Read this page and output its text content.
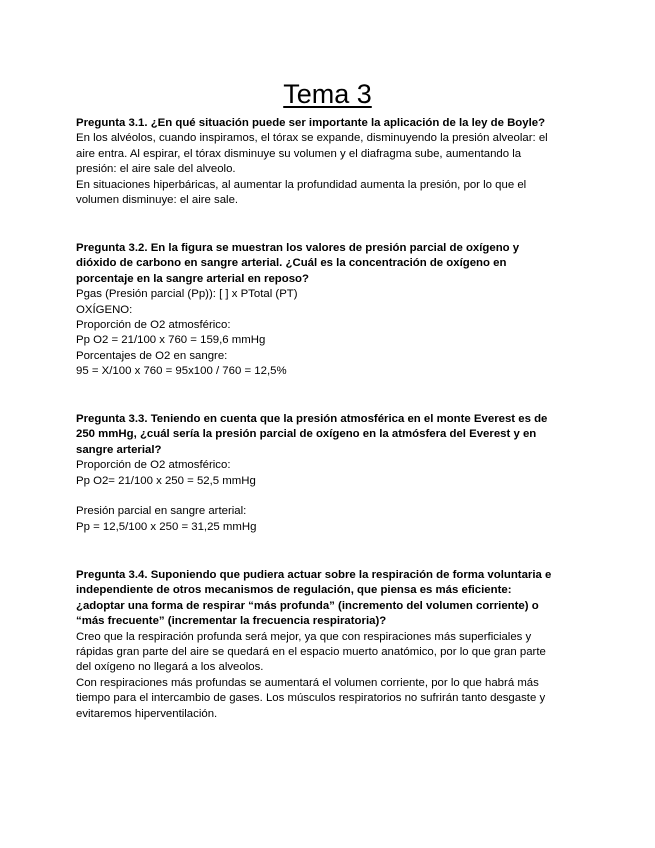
Tema 3
Pregunta 3.1. ¿En qué situación puede ser importante la aplicación de la ley de Boyle?
En los alvéolos, cuando inspiramos, el tórax se expande, disminuyendo la presión alveolar: el
aire entra. Al espirar, el tórax disminuye su volumen y el diafragma sube, aumentando la
presión: el aire sale del alveolo.
En situaciones hiperbáricas, al aumentar la profundidad aumenta la presión, por lo que el
volumen disminuye: el aire sale.
Pregunta 3.2. En la figura se muestran los valores de presión parcial de oxígeno y
dióxido de carbono en sangre arterial. ¿Cuál es la concentración de oxígeno en
porcentaje en la sangre arterial en reposo?
Pgas (Presión parcial (Pp)): [ ] x PTotal (PT)
OXÍGENO:
Proporción de O2 atmosférico:
Pp O2 = 21/100 x 760 = 159,6 mmHg
Porcentajes de O2 en sangre:
95 = X/100 x 760 = 95x100 / 760 = 12,5%
Pregunta 3.3. Teniendo en cuenta que la presión atmosférica en el monte Everest es de
250 mmHg, ¿cuál sería la presión parcial de oxígeno en la atmósfera del Everest y en
sangre arterial?
Proporción de O2 atmosférico:
Pp O2= 21/100 x 250 = 52,5 mmHg
Presión parcial en sangre arterial:
Pp = 12,5/100 x 250 = 31,25 mmHg
Pregunta 3.4. Suponiendo que pudiera actuar sobre la respiración de forma voluntaria e
independiente de otros mecanismos de regulación, que piensa es más eficiente:
¿adoptar una forma de respirar “más profunda” (incremento del volumen corriente) o
“más frecuente” (incrementar la frecuencia respiratoria)?
Creo que la respiración profunda será mejor, ya que con respiraciones más superficiales y
rápidas gran parte del aire se quedará en el espacio muerto anatómico, por lo que gran parte
del oxígeno no llegará a los alveolos.
Con respiraciones más profundas se aumentará el volumen corriente, por lo que habrá más
tiempo para el intercambio de gases. Los músculos respiratorios no sufrirán tanto desgaste y
evitaremos hiperventilación.
